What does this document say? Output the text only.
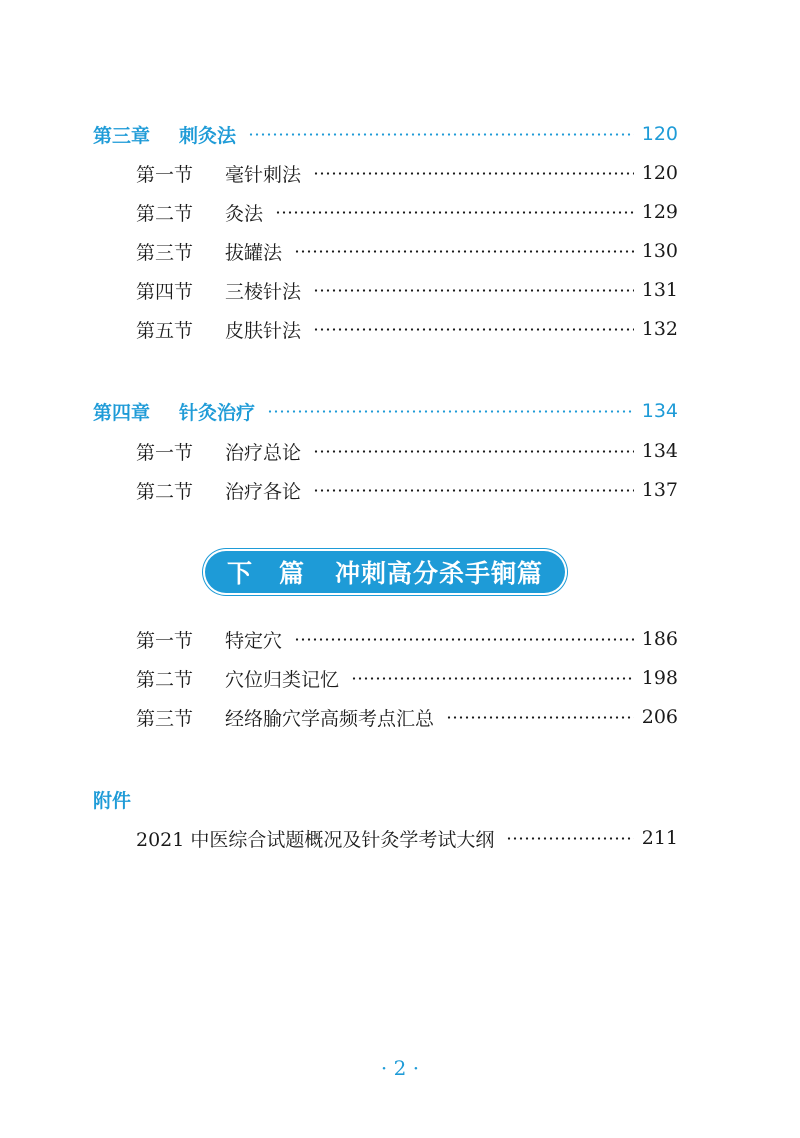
第三章	刺灸法	120
第一节	毫针刺法	120
第二节	灸法	129
第三节	拔罐法	130
第四节	三棱针法	131
第五节	皮肤针法	132
第四章	针灸治疗	134
第一节	治疗总论	134
第二节	治疗各论	137
下 篇 冲刺高分杀手锏篇
第一节	特定穴	186
第二节	穴位归类记忆	198
第三节	经络腧穴学高频考点汇总	206
附件
2021 中医综合试题概况及针灸学考试大纲	211
· 2 ·
